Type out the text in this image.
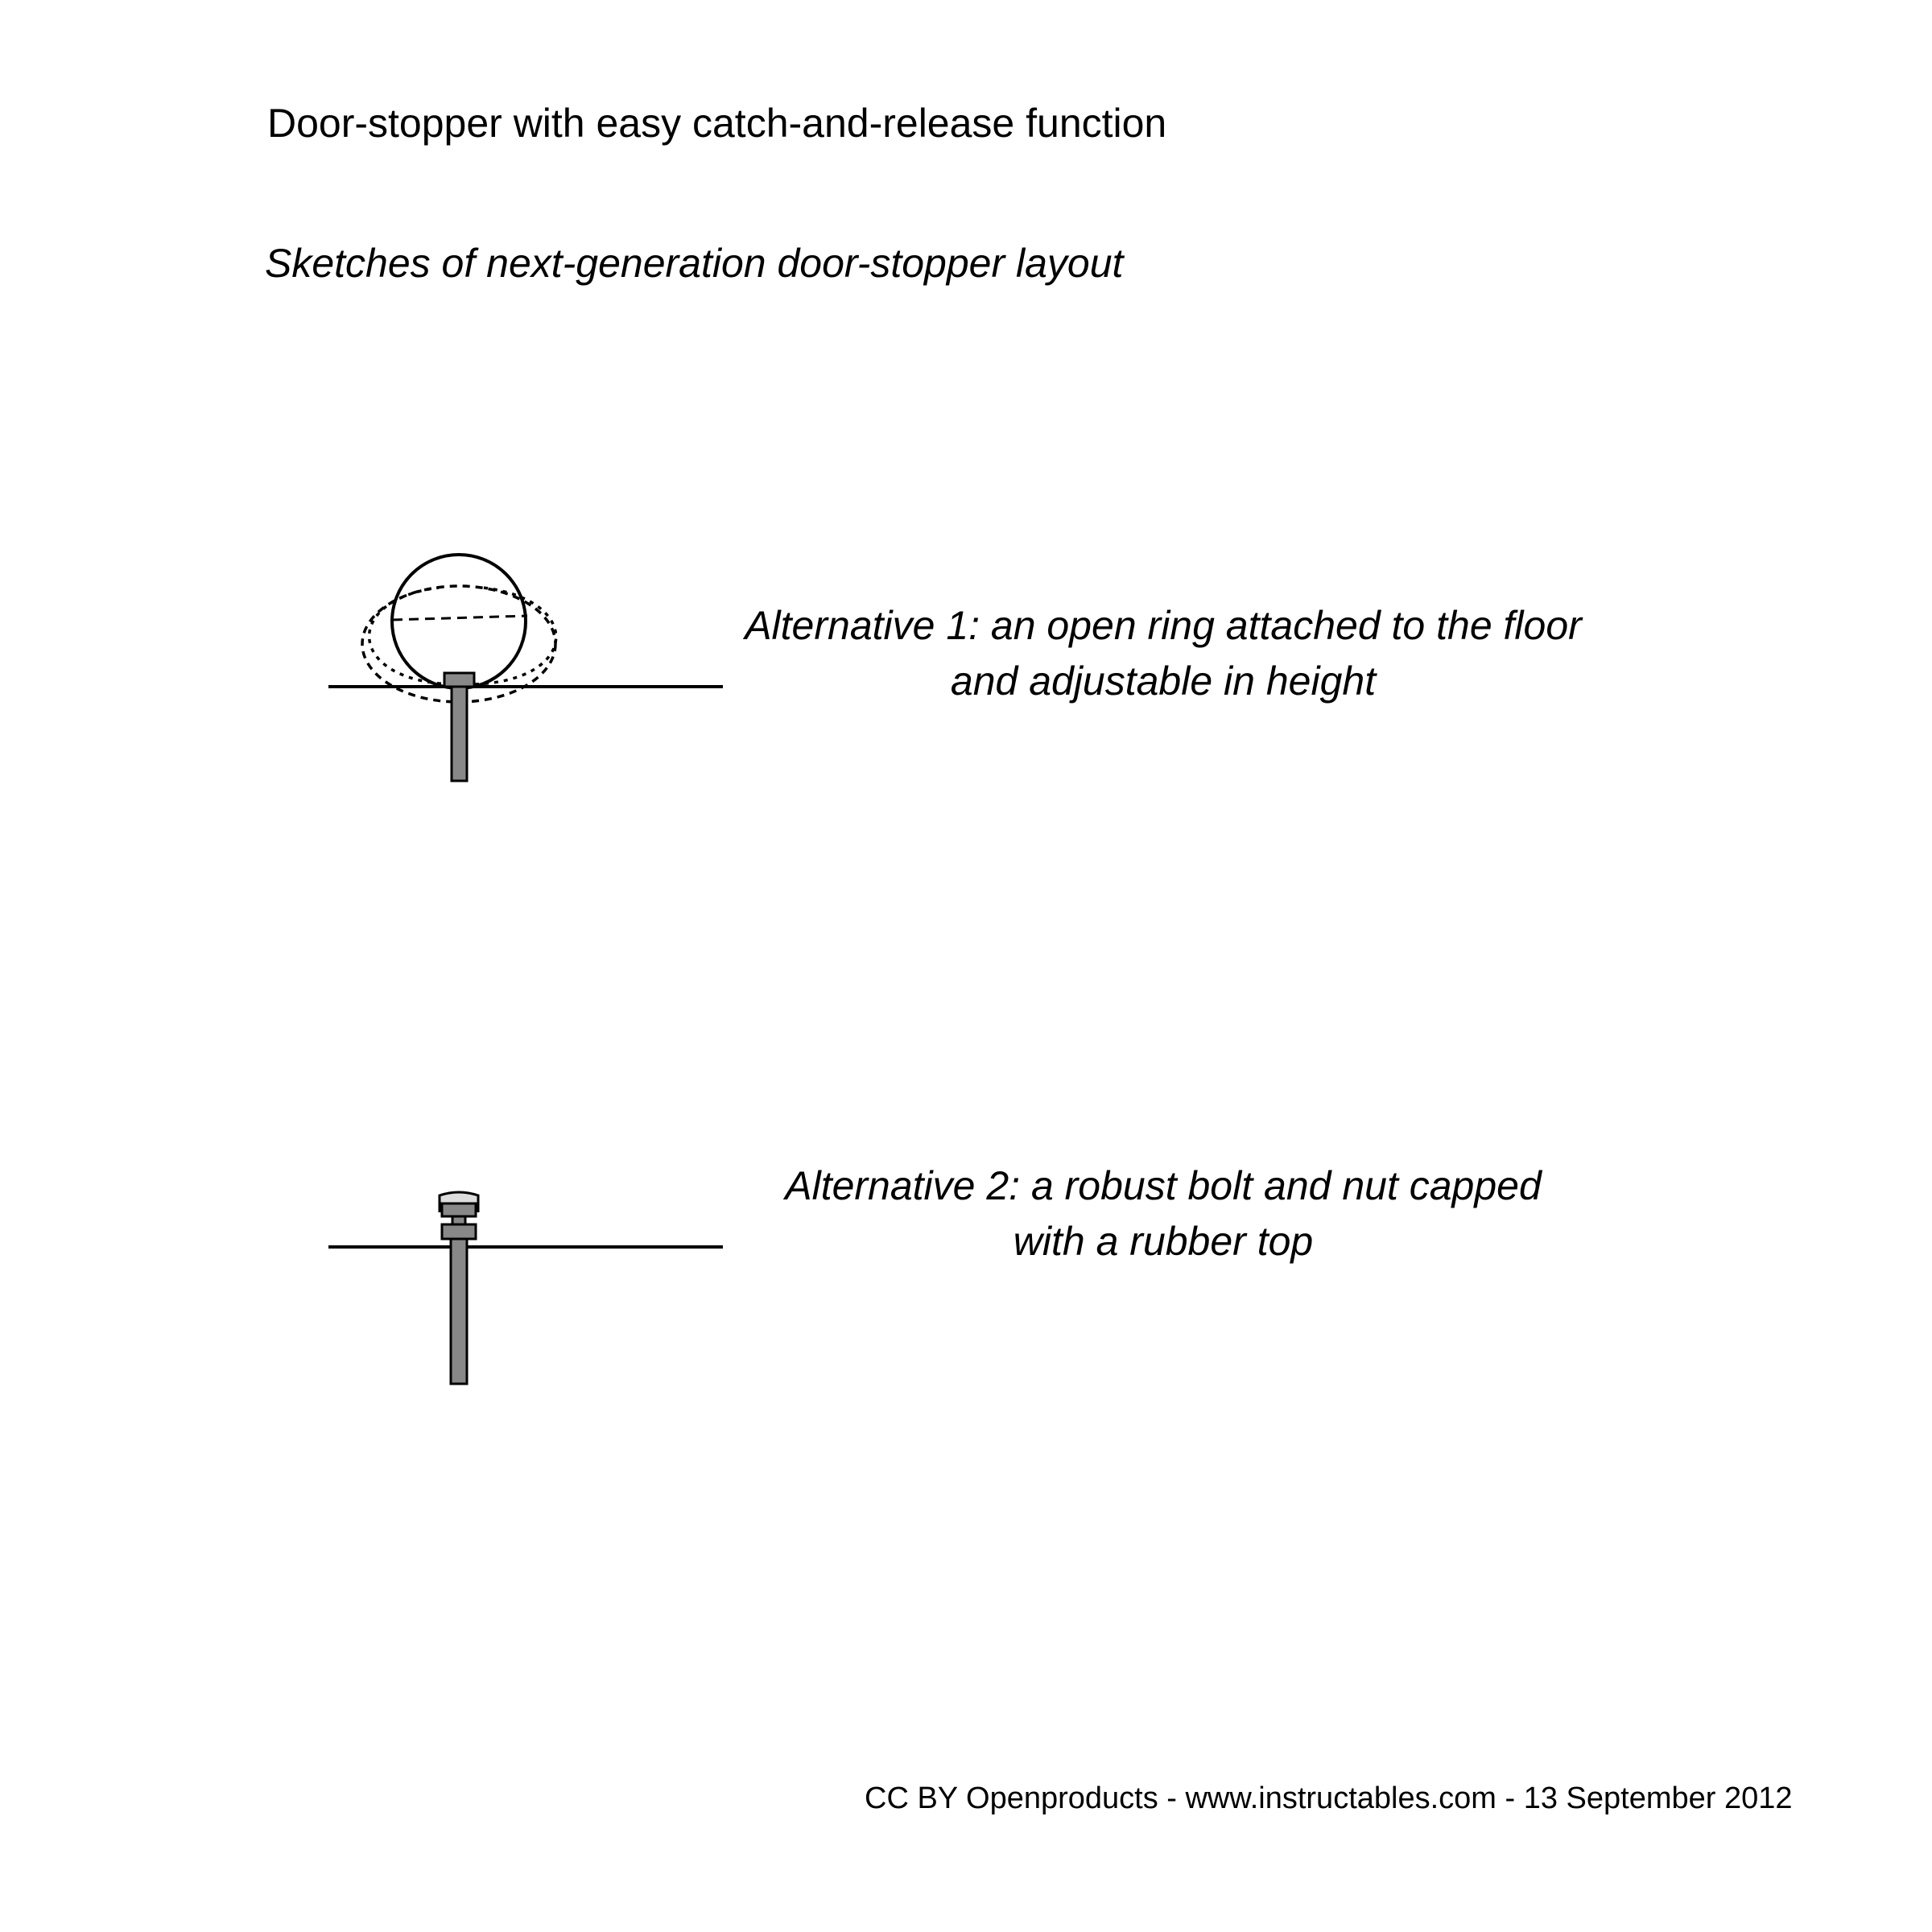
Door-stopper with easy catch-and-release function
Sketches of next-generation door-stopper layout
Alternative 1: an open ring attached to the floor
and adjustable in height
Alternative 2: a robust bolt and nut capped
with a rubber top
CC BY Openproducts - www.instructables.com - 13 September 2012
